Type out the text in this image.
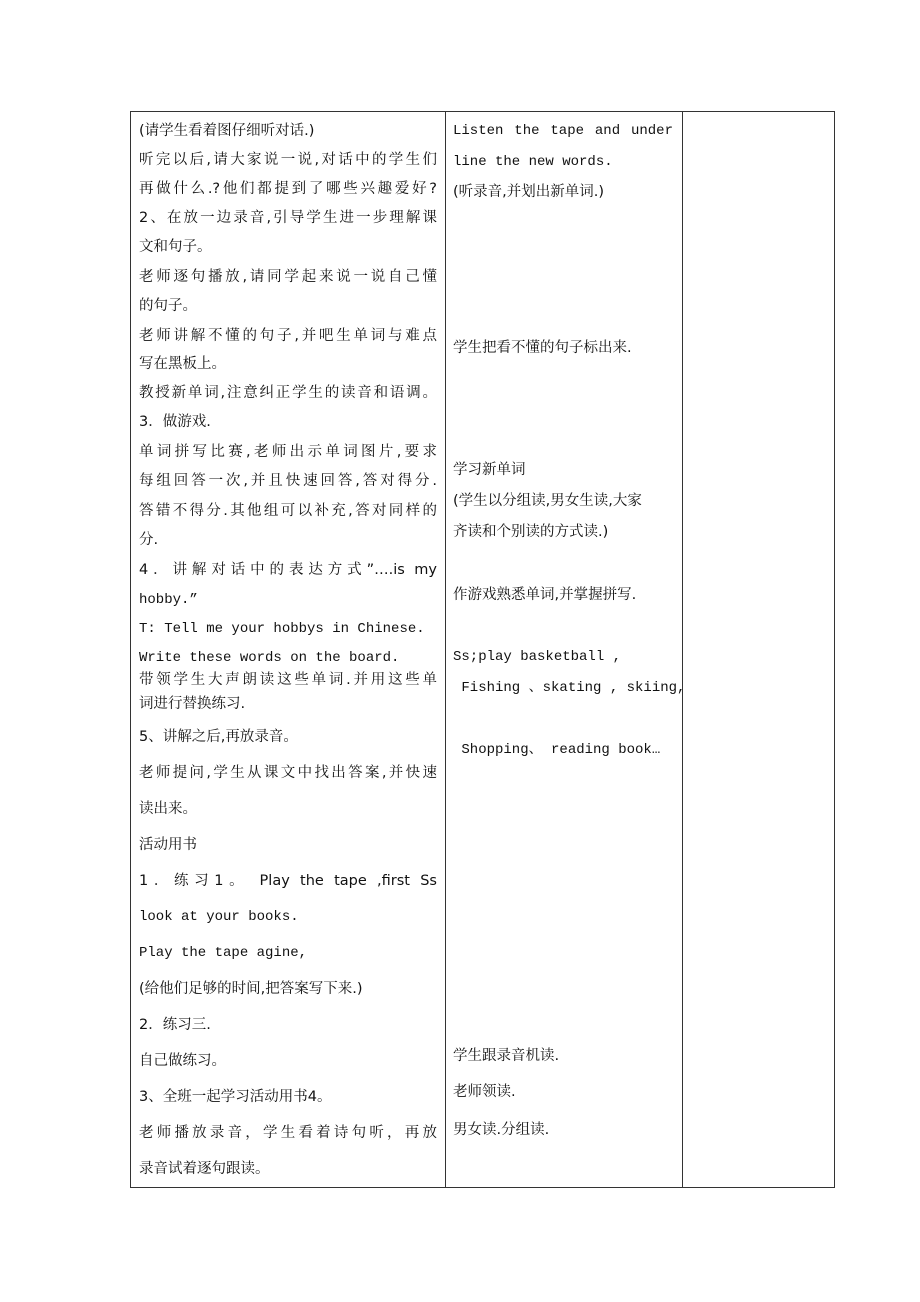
(请学生看着图仔细听对话.)
听完以后,请大家说一说,对话中的学生们
再做什么.?他们都提到了哪些兴趣爱好?
2、在放一边录音,引导学生进一步理解课
文和句子。
老师逐句播放,请同学起来说一说自己懂
的句子。
老师讲解不懂的句子,并吧生单词与难点
写在黑板上。
教授新单词,注意纠正学生的读音和语调。
3．做游戏.
单词拼写比赛,老师出示单词图片,要求
每组回答一次,并且快速回答,答对得分.
答错不得分.其他组可以补充,答对同样的
分.
4．讲解对话中的表达方式”….is my
hobby.”
T: Tell me your hobbys in Chinese.
Write these words on the board.
带领学生大声朗读这些单词.并用这些单
词进行替换练习.
5、讲解之后,再放录音。
老师提问,学生从课文中找出答案,并快速
读出来。
活动用书
1．练习1。 Play the tape ,first Ss
look at your books.
Play the tape agine,
(给他们足够的时间,把答案写下来.)
2．练习三.
自己做练习。
3、全班一起学习活动用书4。
老师播放录音，学生看着诗句听，再放
录音试着逐句跟读。
Listen the tape and under
line the new words.
(听录音,并划出新单词.)
学生把看不懂的句子标出来.
学习新单词
(学生以分组读,男女生读,大家
齐读和个别读的方式读.)
作游戏熟悉单词,并掌握拼写.
Ss;play basketball ,
Fishing 、skating , skiing,
Shopping、 reading book…
学生跟录音机读.
老师领读.
男女读.分组读.
